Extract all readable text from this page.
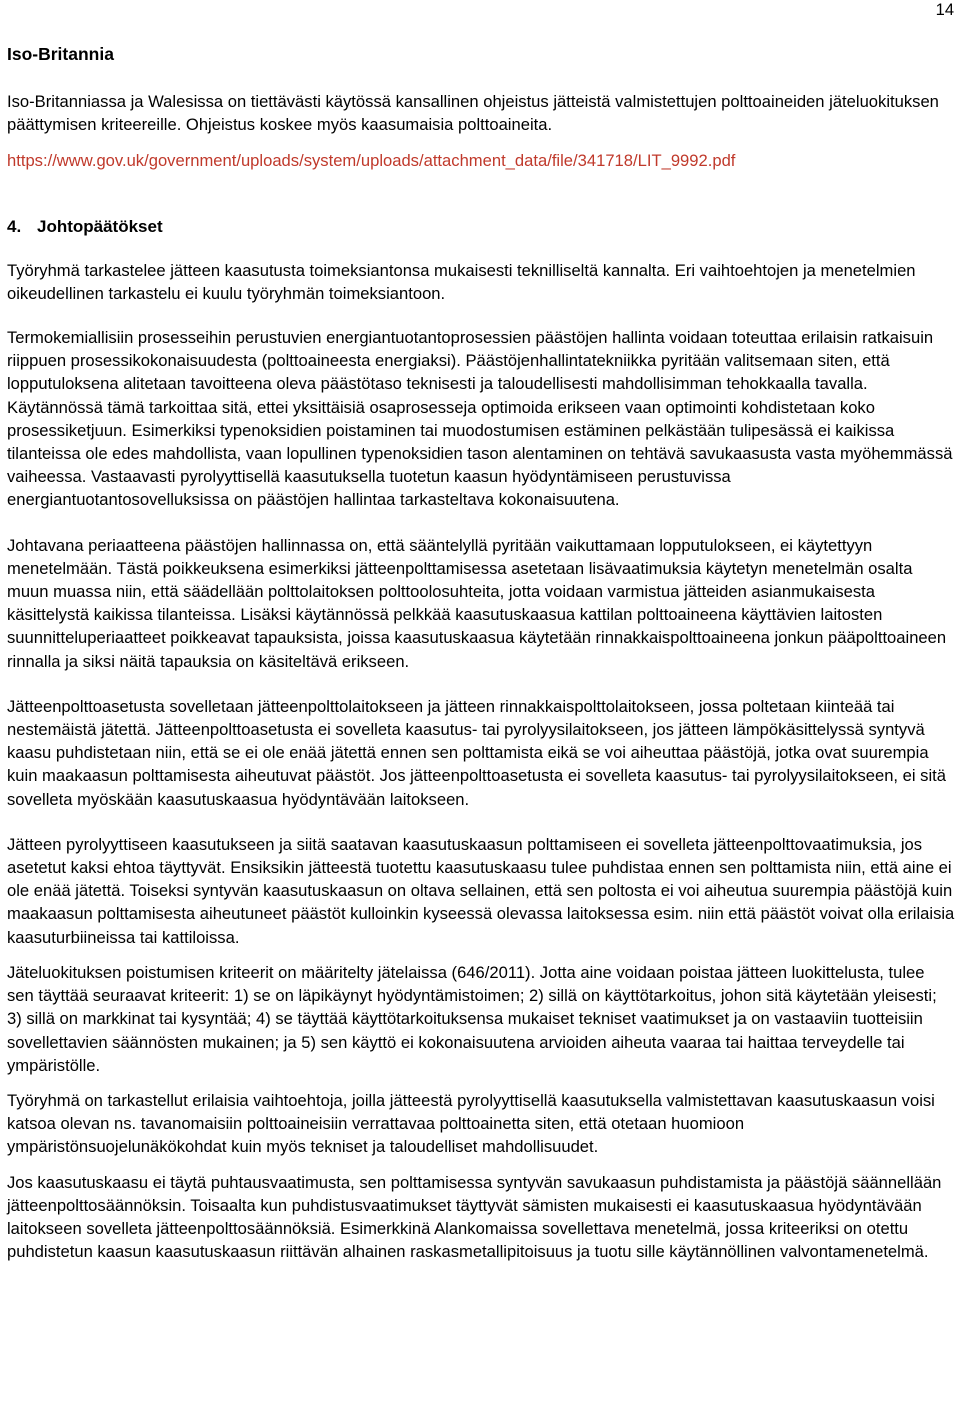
14
Iso-Britannia

Iso-Britanniassa ja Walesissa on tiettävästi käytössä kansallinen ohjeistus jätteistä valmistettujen polttoaineiden jäteluokituksen päättymisen kriteereille. Ohjeistus koskee myös kaasumaisia polttoaineita.

https://www.gov.uk/government/uploads/system/uploads/attachment_data/file/341718/LIT_9992.pdf

4. Johtopäätökset

Työryhmä tarkastelee jätteen kaasutusta toimeksiantonsa mukaisesti teknilliseltä kannalta. Eri vaihtoehtojen ja menetelmien oikeudellinen tarkastelu ei kuulu työryhmän toimeksiantoon.

Termokemiallisiin prosesseihin perustuvien energiantuotantoprosessien päästöjen hallinta voidaan toteuttaa erilaisin ratkaisuin riippuen prosessikokonaisuudesta (polttoaineesta energiaksi). Päästöjenhallintatekniikka pyritään valitsemaan siten, että lopputuloksena alitetaan tavoitteena oleva päästötaso teknisesti ja taloudellisesti mahdollisimman tehokkaalla tavalla. Käytännössä tämä tarkoittaa sitä, ettei yksittäisiä osaprosesseja optimoida erikseen vaan optimointi kohdistetaan koko prosessiketjuun. Esimerkiksi typenoksidien poistaminen tai muodostumisen estäminen pelkästään tulipesässä ei kaikissa tilanteissa ole edes mahdollista, vaan lopullinen typenoksidien tason alentaminen on tehtävä savukaasusta vasta myöhemmässä vaiheessa. Vastaavasti pyrolyyttisellä kaasutuksella tuotetun kaasun hyödyntämiseen perustuvissa energiantuotantosovelluksissa on päästöjen hallintaa tarkasteltava kokonaisuutena.

Johtavana periaatteena päästöjen hallinnassa on, että sääntelyllä pyritään vaikuttamaan lopputulokseen, ei käytettyyn menetelmään. Tästä poikkeuksena esimerkiksi jätteenpolttamisessa asetetaan lisävaatimuksia käytetyn menetelmän osalta muun muassa niin, että säädellään polttolaitoksen polttoolosuhteita, jotta voidaan varmistua jätteiden asianmukaisesta käsittelystä kaikissa tilanteissa. Lisäksi käytännössä pelkkää kaasutuskaasua kattilan polttoaineena käyttävien laitosten suunnitteluperiaatteet poikkeavat tapauksista, joissa kaasutuskaasua käytetään rinnakkaispolttoaineena jonkun pääpolttoaineen rinnalla ja siksi näitä tapauksia on käsiteltävä erikseen.

Jätteenpolttoasetusta sovelletaan jätteenpolttolaitokseen ja jätteen rinnakkaispolttolaitokseen, jossa poltetaan kiinteää tai nestemäistä jätettä. Jätteenpolttoasetusta ei sovelleta kaasutus- tai pyrolyysilaitokseen, jos jätteen lämpökäsittelyssä syntyvä kaasu puhdistetaan niin, että se ei ole enää jätettä ennen sen polttamista eikä se voi aiheuttaa päästöjä, jotka ovat suurempia kuin maakaasun polttamisesta aiheutuvat päästöt. Jos jätteenpolttoasetusta ei sovelleta kaasutus- tai pyrolyysilaitokseen, ei sitä sovelleta myöskään kaasutuskaasua hyödyntävään laitokseen.

Jätteen pyrolyyttiseen kaasutukseen ja siitä saatavan kaasutuskaasun polttamiseen ei sovelleta jätteenpolttovaatimuksia, jos asetetut kaksi ehtoa täyttyvät. Ensiksikin jätteestä tuotettu kaasutuskaasu tulee puhdistaa ennen sen polttamista niin, että aine ei ole enää jätettä. Toiseksi syntyvän kaasutuskaasun on oltava sellainen, että sen poltosta ei voi aiheutua suurempia päästöjä kuin maakaasun polttamisesta aiheutuneet päästöt kulloinkin kyseessä olevassa laitoksessa esim. niin että päästöt voivat olla erilaisia kaasuturbiineissa tai kattiloissa.

Jäteluokituksen poistumisen kriteerit on määritelty jätelaissa (646/2011). Jotta aine voidaan poistaa jätteen luokittelusta, tulee sen täyttää seuraavat kriteerit: 1) se on läpikäynyt hyödyntämistoimen; 2) sillä on käyttötarkoitus, johon sitä käytetään yleisesti; 3) sillä on markkinat tai kysyntää; 4) se täyttää käyttötarkoituksensa mukaiset tekniset vaatimukset ja on vastaaviin tuotteisiin sovellettavien säännösten mukainen; ja 5) sen käyttö ei kokonaisuutena arvioiden aiheuta vaaraa tai haittaa terveydelle tai ympäristölle.

Työryhmä on tarkastellut erilaisia vaihtoehtoja, joilla jätteestä pyrolyyttisellä kaasutuksella valmistettavan kaasutuskaasun voisi katsoa olevan ns. tavanomaisiin polttoaineisiin verrattavaa polttoainetta siten, että otetaan huomioon ympäristönsuojelunäkökohdat kuin myös tekniset ja taloudelliset mahdollisuudet.

Jos kaasutuskaasu ei täytä puhtausvaatimusta, sen polttamisessa syntyvän savukaasun puhdistamista ja päästöjä säännellään jätteenpolttosäännöksin. Toisaalta kun puhdistusvaatimukset täyttyvät sämisten mukaisesti ei kaasutuskaasua hyödyntävään laitokseen sovelleta jätteenpolttosäännöksiä. Esimerkkinä Alankomaissa sovellettava menetelmä, jossa kriteeriksi on otettu puhdistetun kaasun kaasutuskaasun riittävän alhainen raskasmetallipitoisuus ja tuotu sille käytännöllinen valvontamenetelmä.
